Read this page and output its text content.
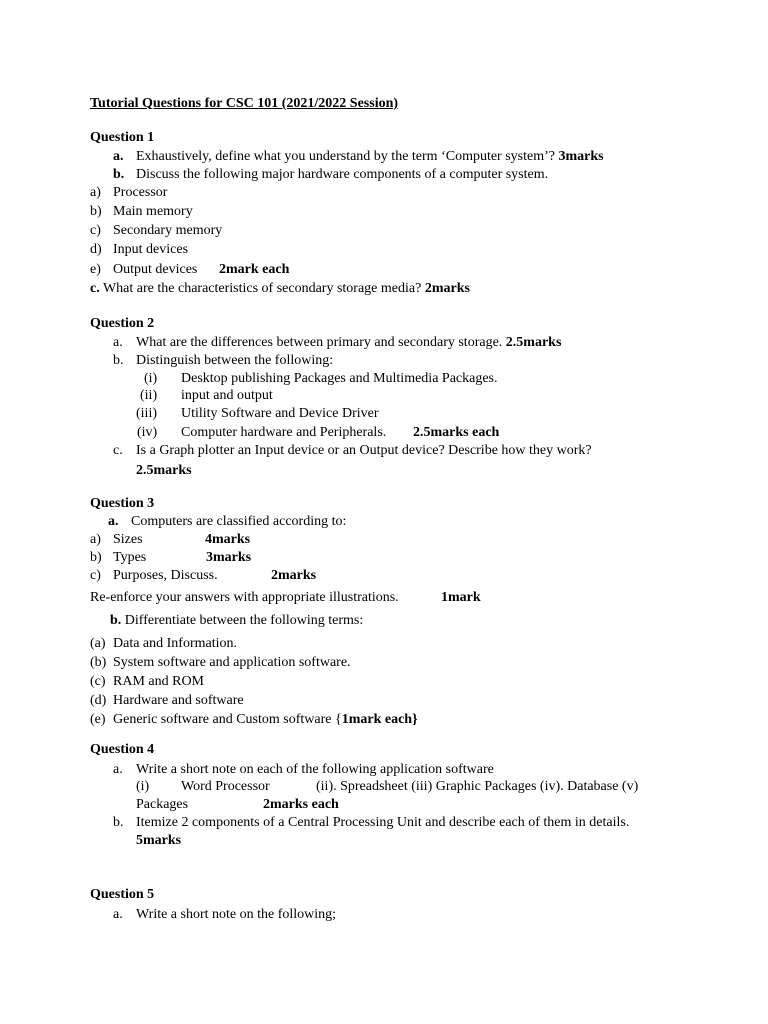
Tutorial Questions for CSC 101 (2021/2022 Session)
Question 1
a. Exhaustively, define what you understand by the term ‘Computer system’? 3marks
b. Discuss the following major hardware components of a computer system.
a) Processor
b) Main memory
c) Secondary memory
d) Input devices
e) Output devices 2mark each
c. What are the characteristics of secondary storage media? 2marks
Question 2
a. What are the differences between primary and secondary storage. 2.5marks
b. Distinguish between the following:
(i) Desktop publishing Packages and Multimedia Packages.
(ii) input and output
(iii) Utility Software and Device Driver
(iv) Computer hardware and Peripherals. 2.5marks each
c. Is a Graph plotter an Input device or an Output device? Describe how they work?
2.5marks
Question 3
a. Computers are classified according to:
a) Sizes	4marks
b) Types	3marks
c) Purposes, Discuss.	2marks
Re-enforce your answers with appropriate illustrations.	1mark
b. Differentiate between the following terms:
(a) Data and Information.
(b) System software and application software.
(c) RAM and ROM
(d) Hardware and software
(e) Generic software and Custom software {1mark each}
Question 4
a. Write a short note on each of the following application software
(i) Word Processor	(ii). Spreadsheet (iii) Graphic Packages (iv). Database (v)
Packages	2marks each
b. Itemize 2 components of a Central Processing Unit and describe each of them in details.
5marks
Question 5
a. Write a short note on the following;
